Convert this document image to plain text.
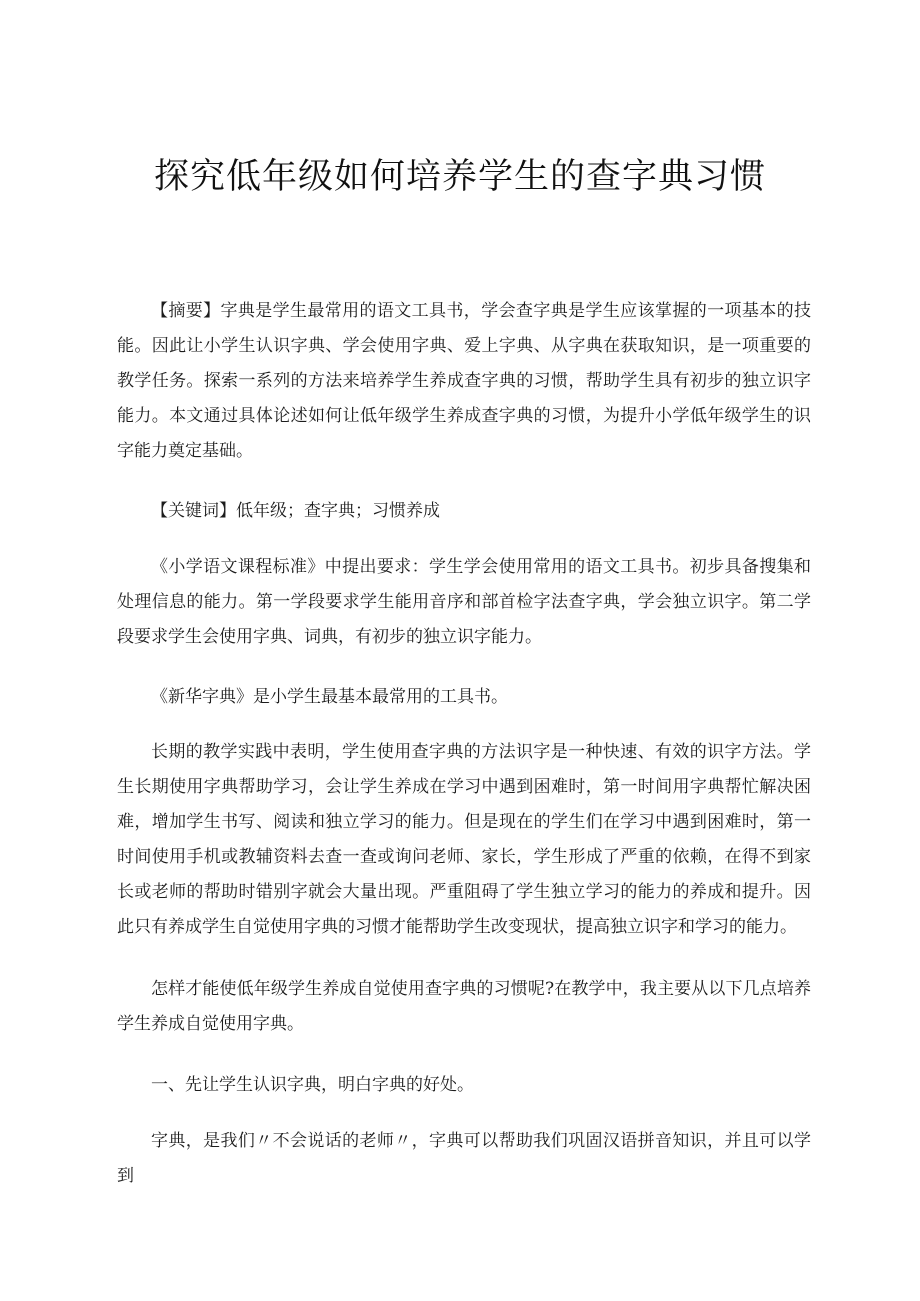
探究低年级如何培养学生的查字典习惯

【摘要】字典是学生最常用的语文工具书，学会查字典是学生应该掌握的一项基本的技能。因此让小学生认识字典、学会使用字典、爱上字典、从字典在获取知识，是一项重要的教学任务。探索一系列的方法来培养学生养成查字典的习惯，帮助学生具有初步的独立识字能力。本文通过具体论述如何让低年级学生养成查字典的习惯，为提升小学低年级学生的识字能力奠定基础。

【关键词】低年级；查字典；习惯养成

《小学语文课程标准》中提出要求：学生学会使用常用的语文工具书。初步具备搜集和处理信息的能力。第一学段要求学生能用音序和部首检字法查字典，学会独立识字。第二学段要求学生会使用字典、词典，有初步的独立识字能力。

《新华字典》是小学生最基本最常用的工具书。

长期的教学实践中表明，学生使用查字典的方法识字是一种快速、有效的识字方法。学生长期使用字典帮助学习，会让学生养成在学习中遇到困难时，第一时间用字典帮忙解决困难，增加学生书写、阅读和独立学习的能力。但是现在的学生们在学习中遇到困难时，第一时间使用手机或教辅资料去查一查或询问老师、家长，学生形成了严重的依赖，在得不到家长或老师的帮助时错别字就会大量出现。严重阻碍了学生独立学习的能力的养成和提升。因此只有养成学生自觉使用字典的习惯才能帮助学生改变现状，提高独立识字和学习的能力。

怎样才能使低年级学生养成自觉使用查字典的习惯呢?在教学中，我主要从以下几点培养学生养成自觉使用字典。

一、先让学生认识字典，明白字典的好处。

字典，是我们〃不会说话的老师〃，字典可以帮助我们巩固汉语拼音知识，并且可以学到
